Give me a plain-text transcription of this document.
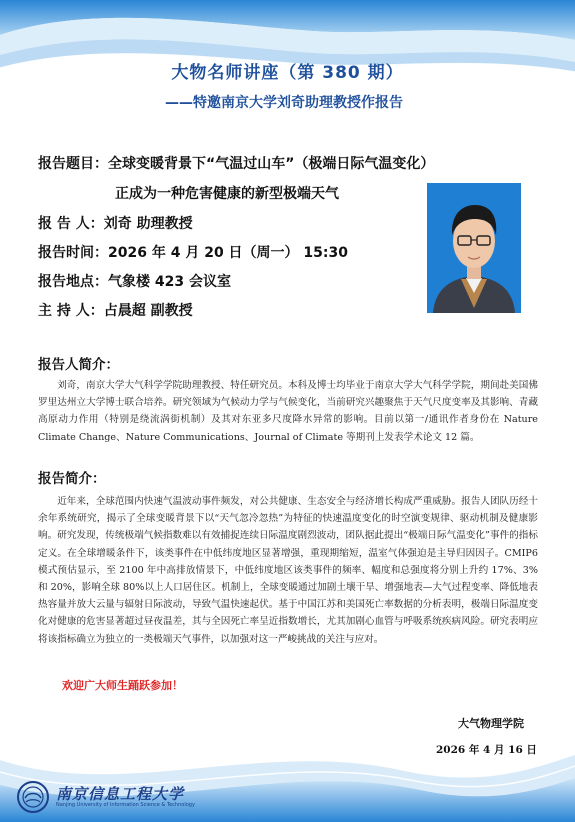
大物名师讲座（第 380 期）
——特邀南京大学刘奇助理教授作报告
报告题目：全球变暖背景下“气温过山车”（极端日际气温变化）
正成为一种危害健康的新型极端天气
报 告 人：刘奇 助理教授
报告时间：2026 年 4 月 20 日（周一） 15:30
报告地点：气象楼 423 会议室
主 持 人：占晨超 副教授
报告人简介：

刘奇，南京大学大气科学学院助理教授、特任研究员。本科及博士均毕业于南京大学大气科学学院，期间赴美国佛罗里达州立大学博士联合培养。研究领域为气候动力学与气候变化，当前研究兴趣聚焦于天气尺度变率及其影响、青藏高原动力作用（特别是绕流涡街机制）及其对东亚多尺度降水异常的影响。目前以第一/通讯作者身份在 Nature Climate Change、Nature Communications、Journal of Climate 等期刊上发表学术论文 12 篇。

报告简介：

近年来，全球范围内快速气温波动事件频发，对公共健康、生态安全与经济增长构成严重威胁。报告人团队历经十余年系统研究，揭示了全球变暖背景下以“天气忽冷忽热”为特征的快速温度变化的时空演变规律、驱动机制及健康影响。研究发现，传统极端气候指数难以有效捕捉连续日际温度剧烈波动，团队据此提出“极端日际气温变化”事件的指标定义。在全球增暖条件下，该类事件在中低纬度地区显著增强，重现期缩短，温室气体强迫是主导归因因子。CMIP6 模式预估显示，至 2100 年中高排放情景下，中低纬度地区该类事件的频率、幅度和总强度将分别上升约 17%、3%和 20%，影响全球 80%以上人口居住区。机制上，全球变暖通过加剧土壤干旱、增强地表—大气过程变率、降低地表热容量并放大云量与辐射日际波动，导致气温快速起伏。基于中国江苏和美国死亡率数据的分析表明，极端日际温度变化对健康的危害显著超过昼夜温差，其与全因死亡率呈近指数增长，尤其加剧心血管与呼吸系统疾病风险。研究表明应将该指标确立为独立的一类极端天气事件，以加强对这一严峻挑战的关注与应对。

欢迎广大师生踊跃参加！
大气物理学院
2026 年 4 月 16 日
南京信息工程大学
Nanjing University of Information Science & Technology
